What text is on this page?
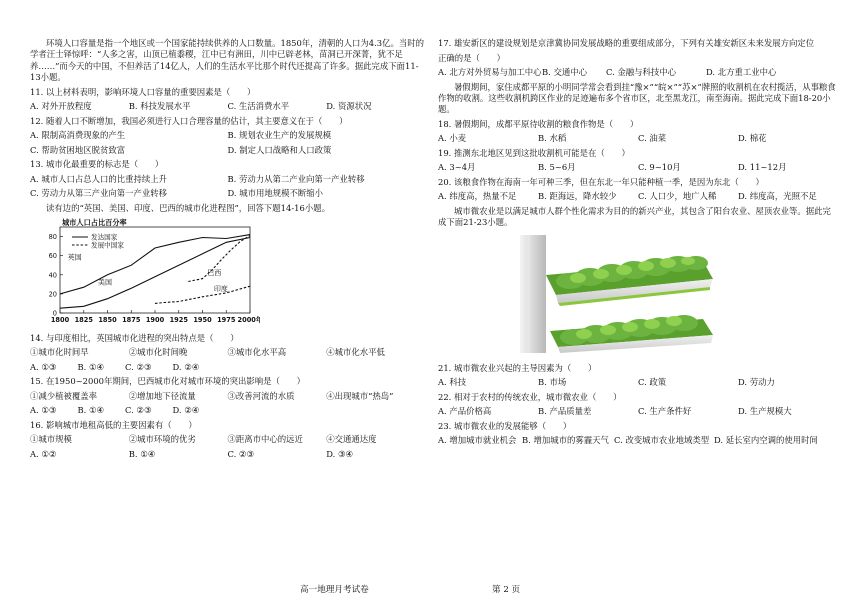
环境人口容量是指一个地区或一个国家能持续供养的人口数量。1850年，清朝的人口为4.3亿。当时的学者汪士铎惊呼：“人多之害，山顶已植黍稷，江中已有洲田，川中已辟老林，苗洞已开深菁，犹不足养……”而今天的中国，不但养活了14亿人，人们的生活水平比那个时代还提高了许多。据此完成下面11-13小题。

11. 以上材料表明，影响环境人口容量的重要因素是（　　）

A. 对外开放程度	B. 科技发展水平	C. 生活消费水平	D. 资源状况

12. 随着人口不断增加，我国必须进行人口合理容量的估计，其主要意义在于（　　）

A. 限制高消费现象的产生	B. 规划农业生产的发展规模
C. 帮助贫困地区脱贫致富	D. 制定人口战略和人口政策

13. 城市化最重要的标志是（　　）

A. 城市人口占总人口的比重持续上升	B. 劳动力从第二产业向第一产业转移
C. 劳动力从第三产业向第一产业转移	D. 城市用地规模不断缩小

读有边的“英国、美国、印度、巴西的城市化进程图”，回答下题14-16小题。

城市人口占比百分率
0
20
40
60
80
1800 1825 1850 1875 1900 1925 1950 1975 2000年
发达国家
发展中国家
英国
美国
巴西
印度

14. 与印度相比，英国城市化进程的突出特点是（　　）

①城市化时间早	②城市化时间晚	③城市化水平高	④城市化水平低
A. ①③	B. ①④	C. ②③	D. ②④

15. 在1950~2000年期间，巴西城市化对城市环境的突出影响是（　　）

①减少植被覆盖率	②增加地下径流量	③改善河流的水质	④出现城市“热岛”
A. ①③	B. ①④	C. ②③	D. ②④

16. 影响城市地租高低的主要因素有（　　）

①城市规模	②城市环境的优劣	③距离市中心的远近	④交通通达度
A. ①②	B. ①④	C. ②③	D. ③④

17. 雄安新区的建设规划是京津冀协同发展战略的重要组成部分，下列有关雄安新区未来发展方向定位

正确的是（　　）

A. 北方对外贸易与加工中心 B. 交通中心	C. 金融与科技中心	D. 北方重工业中心

暑假期间，家住成都平原的小明同学常会看到挂“豫×”“皖×”“苏×”牌照的收割机在农村揽活，从事粮食作物的收割。这些收割机跨区作业的足迹遍布多个省市区，北至黑龙江，南至海南。据此完成下面18-20小题。

18. 暑假期间，成都平原待收割的粮食作物是（　　）

A. 小麦	B. 水稻	C. 油菜	D. 棉花

19. 推测东北地区见到这批收割机可能是在（　　）

A. 3~4月	B. 5~6月	C. 9~10月	D. 11~12月

20. 该粮食作物在海南一年可种三季，但在东北一年只能种植一季，是因为东北（　　）

A. 纬度高，热量不足	B. 距海远，降水较少	C. 人口少，地广人稀	D. 纬度高，光照不足

城市微农业是以满足城市人群个性化需求为目的的新兴产业，其包含了阳台农业、屋顶农业等。据此完成下面21-23小题。

21. 城市微农业兴起的主导因素为（　　）

A. 科技	B. 市场	C. 政策	D. 劳动力

22. 相对于农村的传统农业，城市微农业（　　）

A. 产品价格高	B. 产品质量差	C. 生产条件好	D. 生产规模大

23. 城市微农业的发展能够（　　）

A. 增加城市就业机会 B. 增加城市的雾霾天气 C. 改变城市农业地域类型 D. 延长室内空调的使用时间
高一地理月考试卷	第 2 页
